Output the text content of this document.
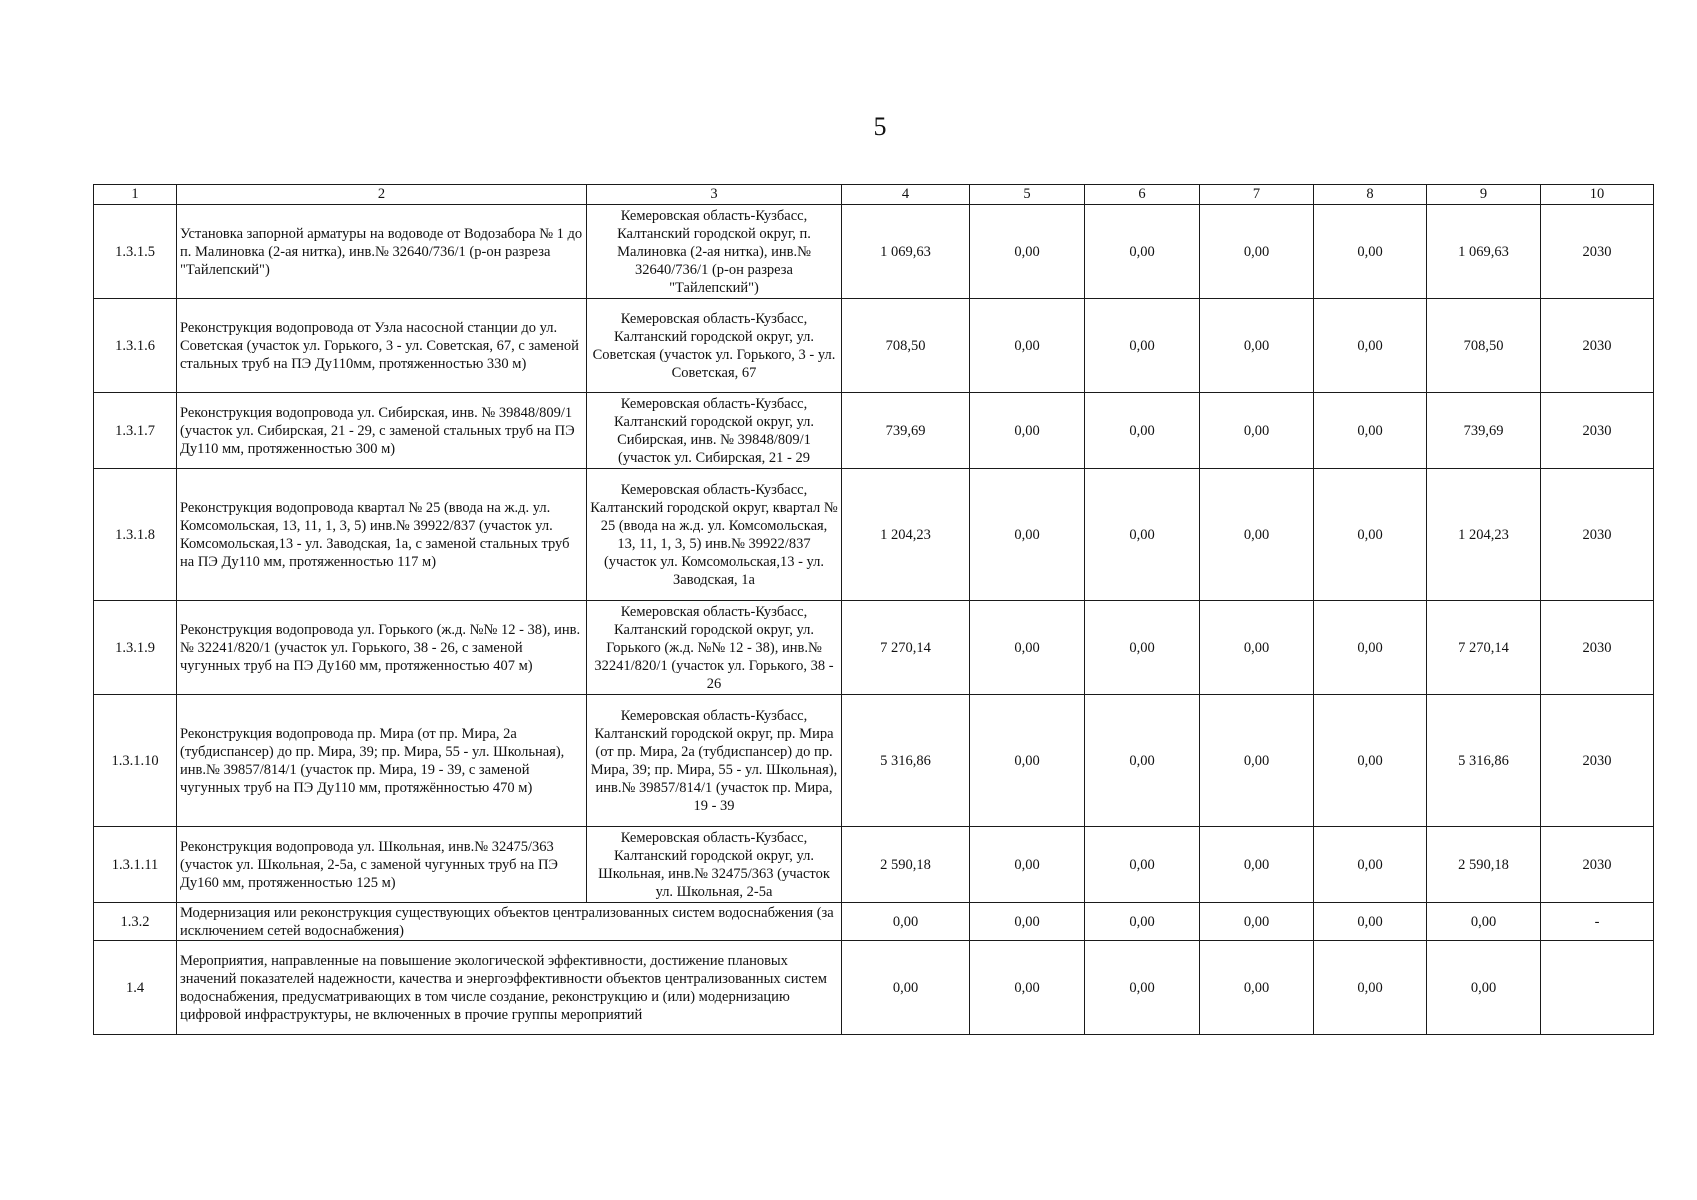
5
1	2	3	4	5	6	7	8	9	10
1.3.1.5	Установка запорной арматуры на водоводе от Водозабора № 1 до п. Малиновка (2-ая нитка), инв.№ 32640/736/1 (р-он разреза "Тайлепский")	Кемеровская область-Кузбасс, Калтанский городской округ, п. Малиновка (2-ая нитка), инв.№ 32640/736/1 (р-он разреза "Тайлепский")	1 069,63	0,00	0,00	0,00	0,00	1 069,63	2030
1.3.1.6	Реконструкция водопровода от Узла насосной станции до ул. Советская (участок ул. Горького, 3 - ул. Советская, 67, с заменой стальных труб на ПЭ Ду110мм, протяженностью 330 м)	Кемеровская область-Кузбасс, Калтанский городской округ, ул. Советская (участок ул. Горького, 3 - ул. Советская, 67	708,50	0,00	0,00	0,00	0,00	708,50	2030
1.3.1.7	Реконструкция водопровода ул. Сибирская, инв. № 39848/809/1 (участок ул. Сибирская, 21 - 29, с заменой стальных труб на ПЭ Ду110 мм, протяженностью 300 м)	Кемеровская область-Кузбасс, Калтанский городской округ, ул. Сибирская, инв. № 39848/809/1 (участок ул. Сибирская, 21 - 29	739,69	0,00	0,00	0,00	0,00	739,69	2030
1.3.1.8	Реконструкция водопровода квартал № 25 (ввода на ж.д. ул. Комсомольская, 13, 11, 1, 3, 5) инв.№ 39922/837 (участок ул. Комсомольская,13 - ул. Заводская, 1а, с заменой стальных труб на ПЭ Ду110 мм, протяженностью 117 м)	Кемеровская область-Кузбасс, Калтанский городской округ, квартал № 25 (ввода на ж.д. ул. Комсомольская, 13, 11, 1, 3, 5) инв.№ 39922/837 (участок ул. Комсомольская,13 - ул. Заводская, 1а	1 204,23	0,00	0,00	0,00	0,00	1 204,23	2030
1.3.1.9	Реконструкция водопровода ул. Горького (ж.д. №№ 12 - 38), инв.№ 32241/820/1 (участок ул. Горького, 38 - 26, с заменой чугунных труб на ПЭ Ду160 мм, протяженностью 407 м)	Кемеровская область-Кузбасс, Калтанский городской округ, ул. Горького (ж.д. №№ 12 - 38), инв.№ 32241/820/1 (участок ул. Горького, 38 - 26	7 270,14	0,00	0,00	0,00	0,00	7 270,14	2030
1.3.1.10	Реконструкция водопровода пр. Мира (от пр. Мира, 2а (тубдиспансер) до пр. Мира, 39; пр. Мира, 55 - ул. Школьная), инв.№ 39857/814/1 (участок пр. Мира, 19 - 39, с заменой чугунных труб на ПЭ Ду110 мм, протяжённостью 470 м)	Кемеровская область-Кузбасс, Калтанский городской округ, пр. Мира (от пр. Мира, 2а (тубдиспансер) до пр. Мира, 39; пр. Мира, 55 - ул. Школьная), инв.№ 39857/814/1 (участок пр. Мира, 19 - 39	5 316,86	0,00	0,00	0,00	0,00	5 316,86	2030
1.3.1.11	Реконструкция водопровода ул. Школьная, инв.№ 32475/363 (участок ул. Школьная, 2-5а, с заменой чугунных труб на ПЭ Ду160 мм, протяженностью 125 м)	Кемеровская область-Кузбасс, Калтанский городской округ, ул. Школьная, инв.№ 32475/363 (участок ул. Школьная, 2-5а	2 590,18	0,00	0,00	0,00	0,00	2 590,18	2030
1.3.2	Модернизация или реконструкция существующих объектов централизованных систем водоснабжения (за исключением сетей водоснабжения)		0,00	0,00	0,00	0,00	0,00	0,00	-
1.4	Мероприятия, направленные на повышение экологической эффективности, достижение плановых значений показателей надежности, качества и энергоэффективности объектов централизованных систем водоснабжения, предусматривающих в том числе создание, реконструкцию и (или) модернизацию цифровой инфраструктуры, не включенных в прочие группы мероприятий		0,00	0,00	0,00	0,00	0,00	0,00	
